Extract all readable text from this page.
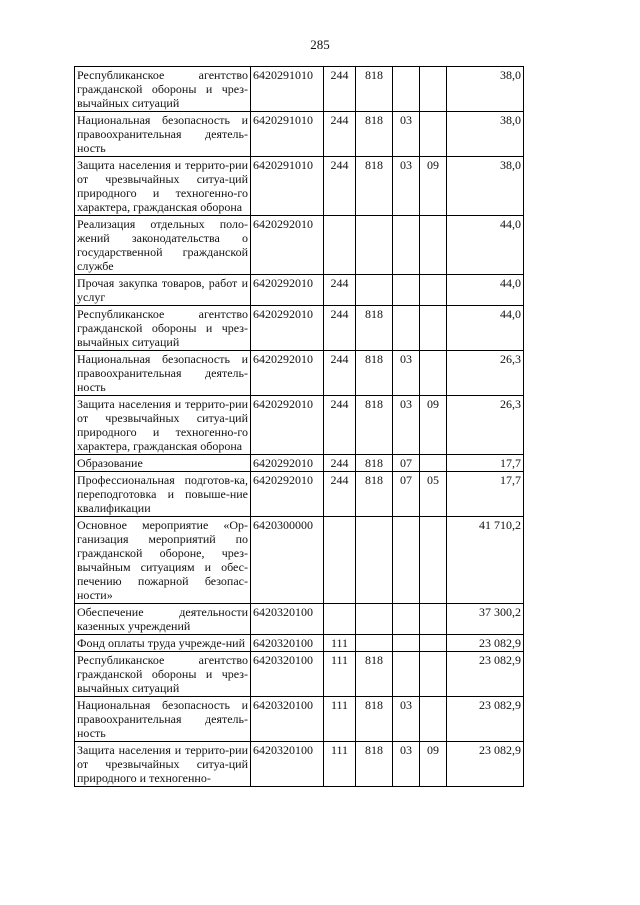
285
Республиканское агентство гражданской обороны и чрез-вычайных ситуаций	6420291010	244	818			38,0
Национальная безопасность и правоохранительная деятель-ность	6420291010	244	818	03		38,0
Защита населения и террито-рии от чрезвычайных ситуа-ций природного и техногенно-го характера, гражданская оборона	6420291010	244	818	03	09	38,0
Реализация отдельных поло-жений законодательства о государственной гражданской службе	6420292010					44,0
Прочая закупка товаров, работ и услуг	6420292010	244				44,0
Республиканское агентство гражданской обороны и чрез-вычайных ситуаций	6420292010	244	818			44,0
Национальная безопасность и правоохранительная деятель-ность	6420292010	244	818	03		26,3
Защита населения и террито-рии от чрезвычайных ситуа-ций природного и техногенно-го характера, гражданская оборона	6420292010	244	818	03	09	26,3
Образование	6420292010	244	818	07		17,7
Профессиональная подготов-ка, переподготовка и повыше-ние квалификации	6420292010	244	818	07	05	17,7
Основное мероприятие «Ор-ганизация мероприятий по гражданской обороне, чрез-вычайным ситуациям и обес-печению пожарной безопас-ности»	6420300000					41 710,2
Обеспечение деятельности казенных учреждений	6420320100					37 300,2
Фонд оплаты труда учрежде-ний	6420320100	111				23 082,9
Республиканское агентство гражданской обороны и чрез-вычайных ситуаций	6420320100	111	818			23 082,9
Национальная безопасность и правоохранительная деятель-ность	6420320100	111	818	03		23 082,9
Защита населения и террито-рии от чрезвычайных ситуа-ций природного и техногенно-	6420320100	111	818	03	09	23 082,9
